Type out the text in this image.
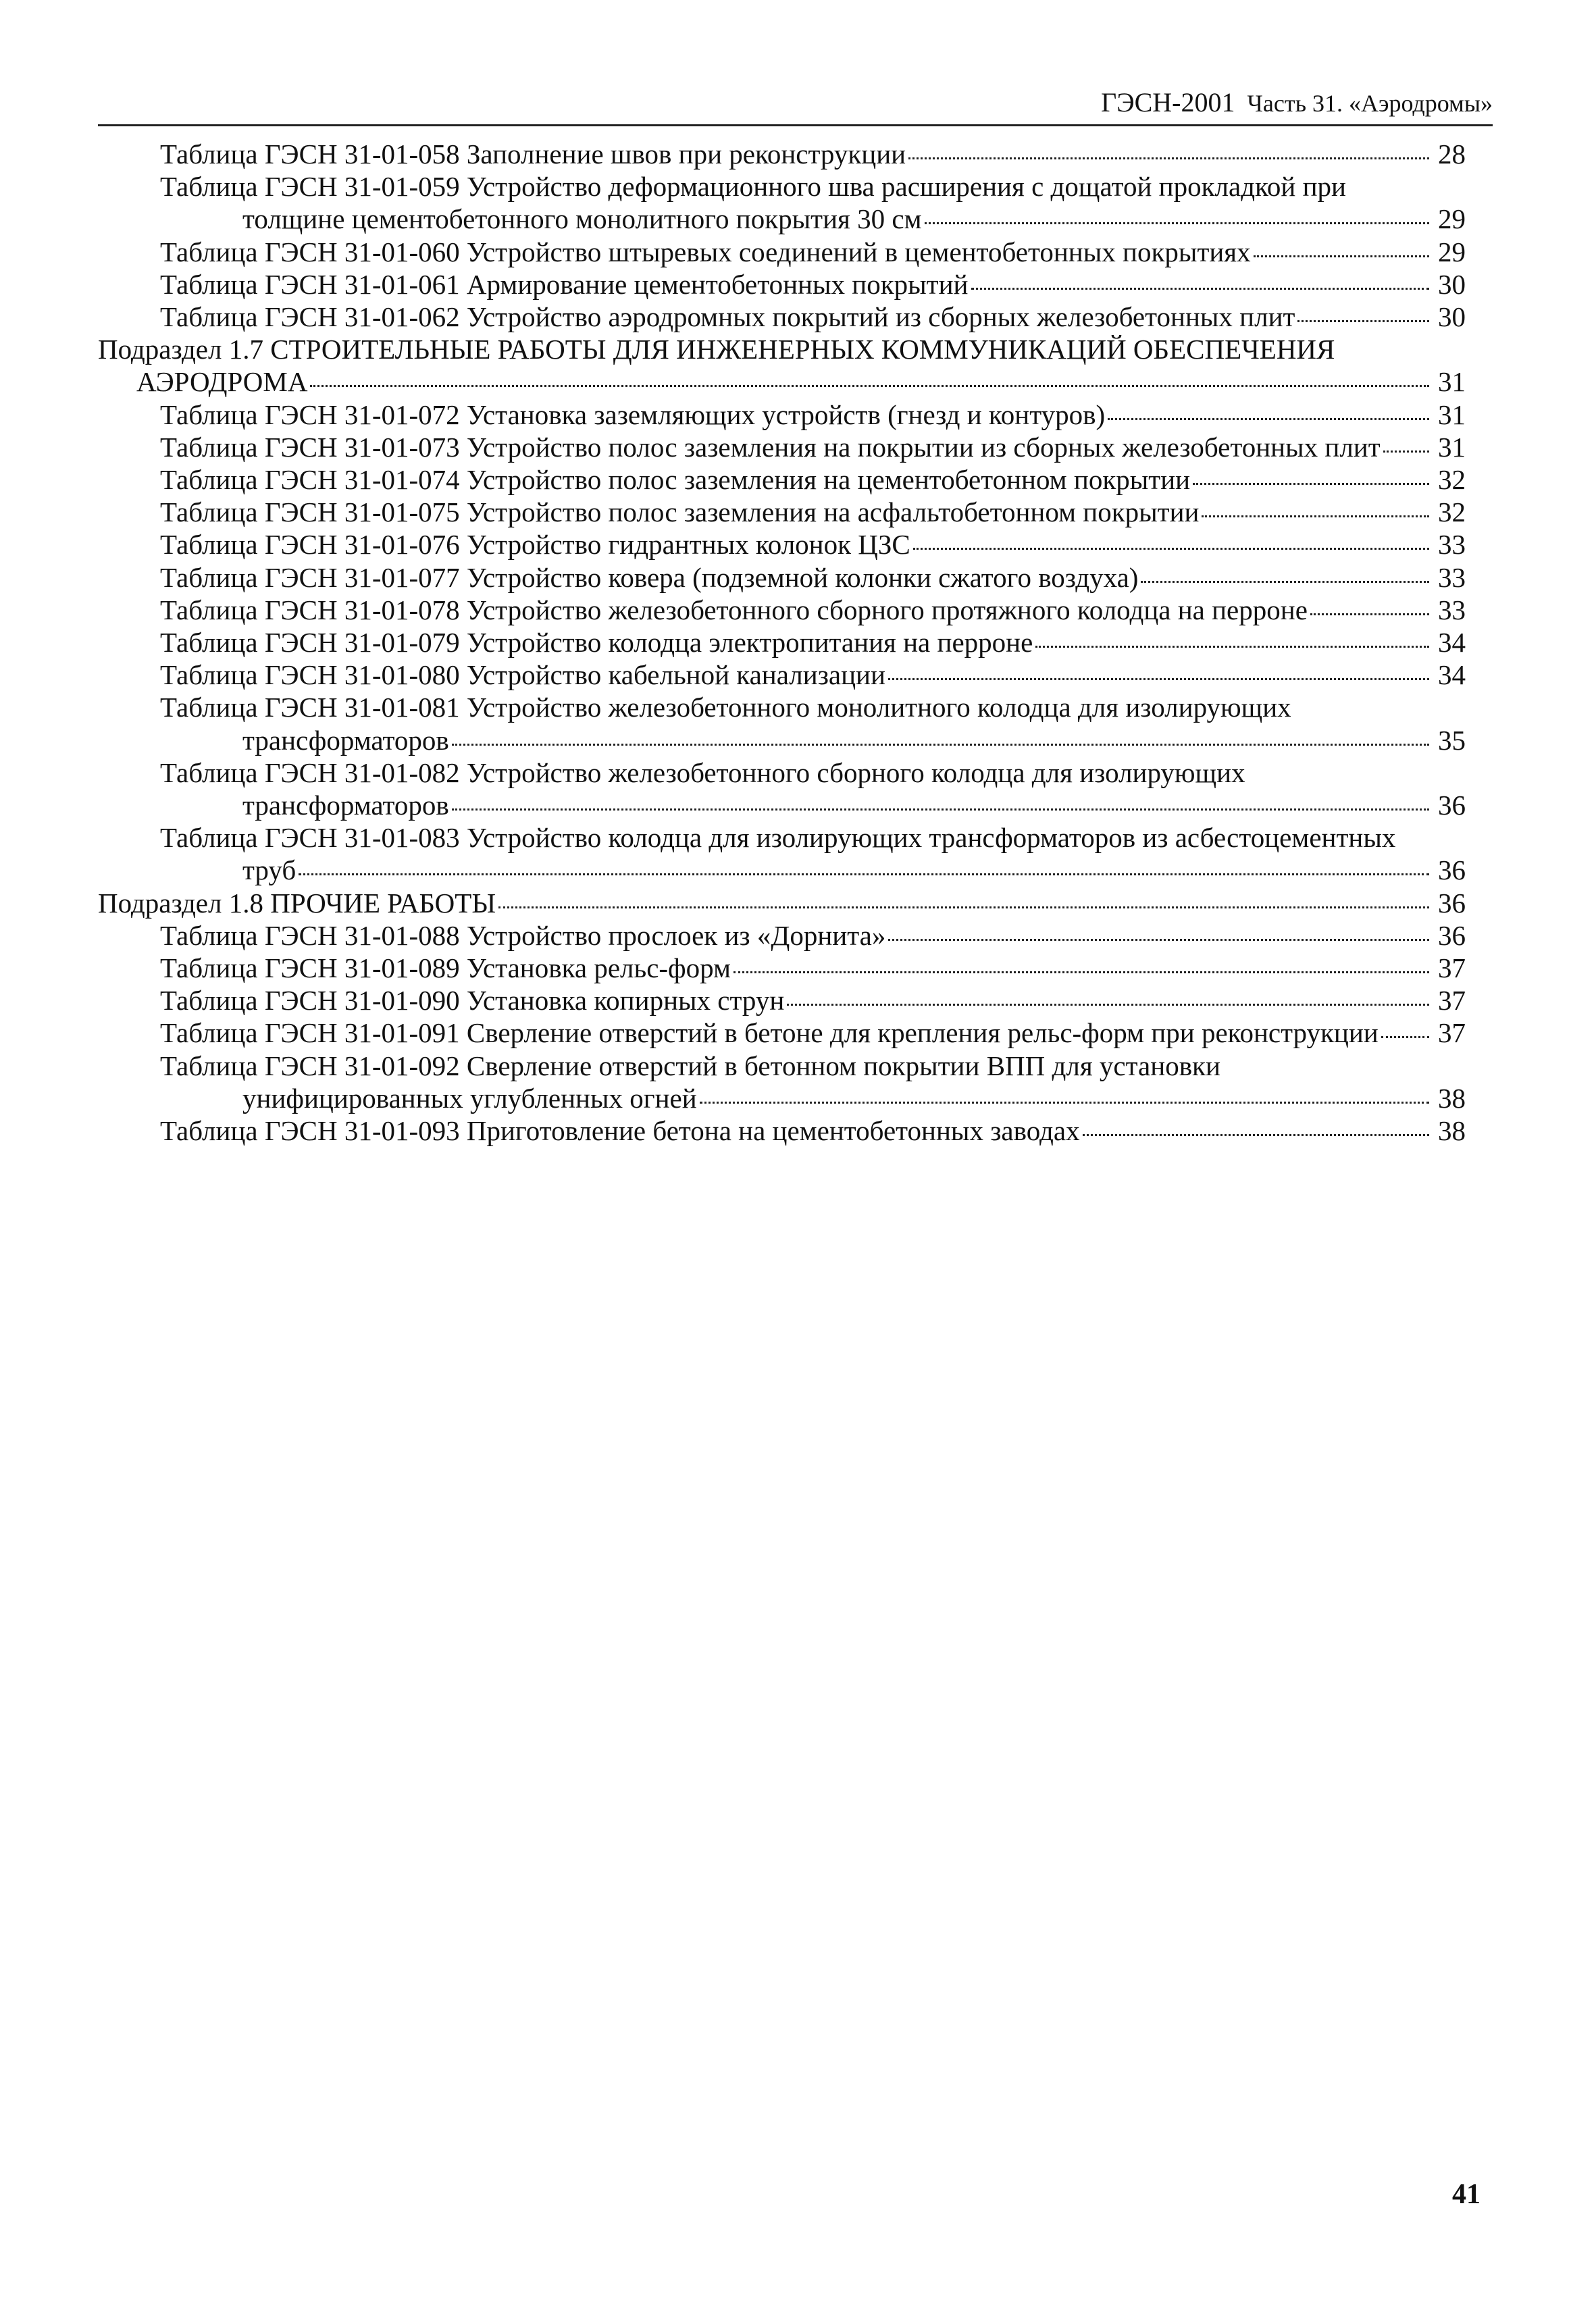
ГЭСН-2001 Часть 31. «Аэродромы»
Таблица ГЭСН 31-01-058 Заполнение швов при реконструкции	28
Таблица ГЭСН 31-01-059 Устройство деформационного шва расширения с дощатой прокладкой при
толщине цементобетонного монолитного покрытия 30 см	29
Таблица ГЭСН 31-01-060 Устройство штыревых соединений в цементобетонных покрытиях	29
Таблица ГЭСН 31-01-061 Армирование цементобетонных покрытий	30
Таблица ГЭСН 31-01-062 Устройство аэродромных покрытий из сборных железобетонных плит	30
Подраздел 1.7 СТРОИТЕЛЬНЫЕ РАБОТЫ ДЛЯ ИНЖЕНЕРНЫХ КОММУНИКАЦИЙ ОБЕСПЕЧЕНИЯ
АЭРОДРОМА	31
Таблица ГЭСН 31-01-072 Установка заземляющих устройств (гнезд и контуров)	31
Таблица ГЭСН 31-01-073 Устройство полос заземления на покрытии из сборных железобетонных плит 31
Таблица ГЭСН 31-01-074 Устройство полос заземления на цементобетонном покрытии	32
Таблица ГЭСН 31-01-075 Устройство полос заземления на асфальтобетонном покрытии	32
Таблица ГЭСН 31-01-076 Устройство гидрантных колонок ЦЗС	33
Таблица ГЭСН 31-01-077 Устройство ковера (подземной колонки сжатого воздуха)	33
Таблица ГЭСН 31-01-078 Устройство железобетонного сборного протяжного колодца на перроне	33
Таблица ГЭСН 31-01-079 Устройство колодца электропитания на перроне	34
Таблица ГЭСН 31-01-080 Устройство кабельной канализации	34
Таблица ГЭСН 31-01-081 Устройство железобетонного монолитного колодца для изолирующих
трансформаторов	35
Таблица ГЭСН 31-01-082 Устройство железобетонного сборного колодца для изолирующих
трансформаторов	36
Таблица ГЭСН 31-01-083 Устройство колодца для изолирующих трансформаторов из асбестоцементных
труб	36
Подраздел 1.8 ПРОЧИЕ РАБОТЫ	36
Таблица ГЭСН 31-01-088 Устройство прослоек из «Дорнита»	36
Таблица ГЭСН 31-01-089 Установка рельс-форм	37
Таблица ГЭСН 31-01-090 Установка копирных струн	37
Таблица ГЭСН 31-01-091 Сверление отверстий в бетоне для крепления рельс-форм при реконструкции 37
Таблица ГЭСН 31-01-092 Сверление отверстий в бетонном покрытии ВПП для установки
унифицированных углубленных огней	38
Таблица ГЭСН 31-01-093 Приготовление бетона на цементобетонных заводах	38
41
